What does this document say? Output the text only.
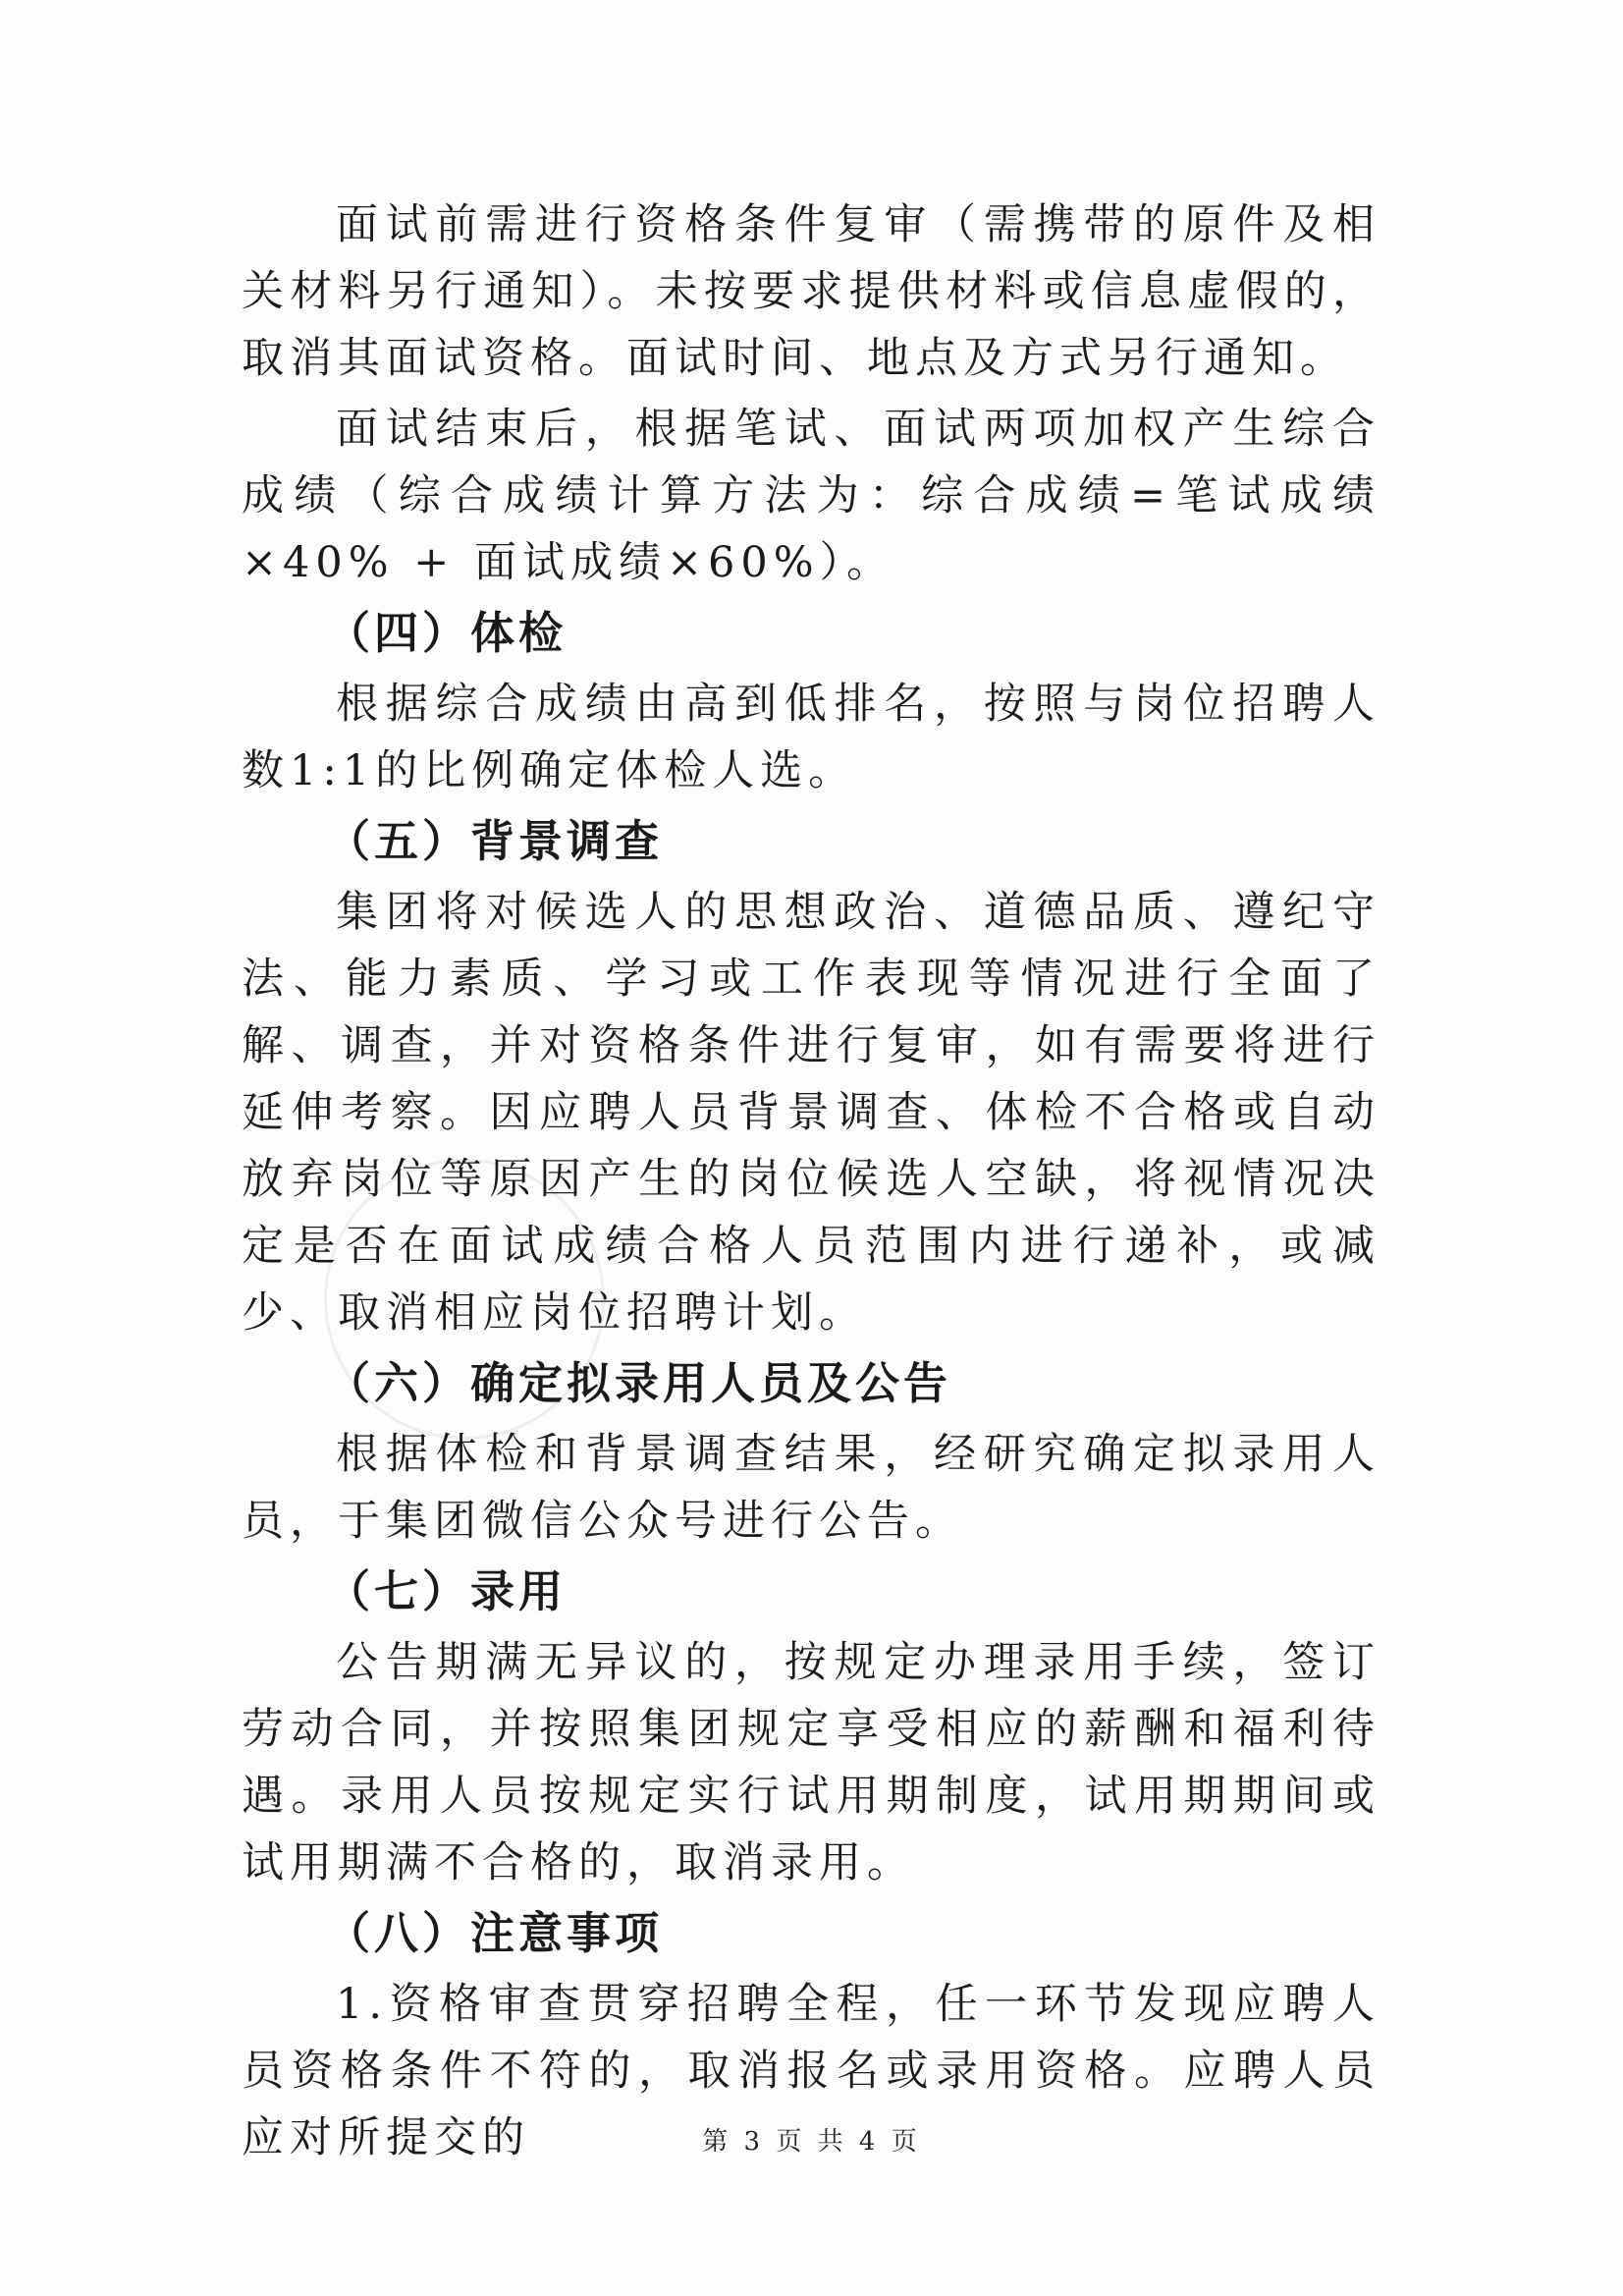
面试前需进行资格条件复审（需携带的原件及相关材料另行通知）。未按要求提供材料或信息虚假的，取消其面试资格。面试时间、地点及方式另行通知。

面试结束后，根据笔试、面试两项加权产生综合成绩（综合成绩计算方法为：综合成绩=笔试成绩×40% + 面试成绩×60%）。

（四）体检

根据综合成绩由高到低排名，按照与岗位招聘人数1:1的比例确定体检人选。

（五）背景调查

集团将对候选人的思想政治、道德品质、遵纪守法、能力素质、学习或工作表现等情况进行全面了解、调查，并对资格条件进行复审，如有需要将进行延伸考察。因应聘人员背景调查、体检不合格或自动放弃岗位等原因产生的岗位候选人空缺，将视情况决定是否在面试成绩合格人员范围内进行递补，或减少、取消相应岗位招聘计划。

（六）确定拟录用人员及公告

根据体检和背景调查结果，经研究确定拟录用人员，于集团微信公众号进行公告。

（七）录用

公告期满无异议的，按规定办理录用手续，签订劳动合同，并按照集团规定享受相应的薪酬和福利待遇。录用人员按规定实行试用期制度，试用期期间或试用期满不合格的，取消录用。

（八）注意事项

1.资格审查贯穿招聘全程，任一环节发现应聘人员资格条件不符的，取消报名或录用资格。应聘人员应对所提交的	第 3 页 共 4 页
